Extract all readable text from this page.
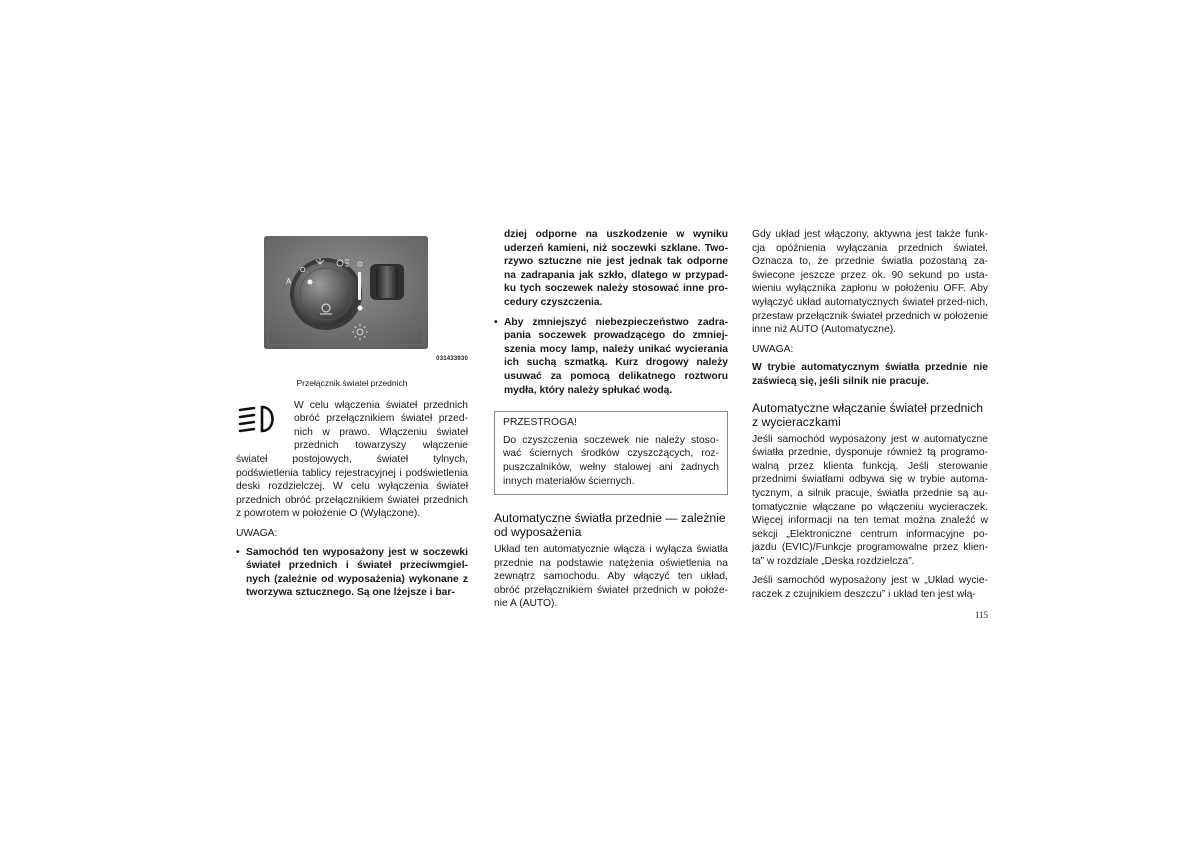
A
O
031433930
Przełącznik świateł przednich
W celu włączenia świateł przednich
obróć przełącznikiem świateł przed-
nich w prawo. Włączeniu świateł
przednich towarzyszy włączenie
świateł postojowych, świateł tylnych,

podświetlenia tablicy rejestracyjnej i podświetlenia deski rozdzielczej. W celu wyłączenia świateł przednich obróć przełącznikiem świateł przednich z powrotem w położenie O (Wyłączone).

UWAGA:
• Samochód ten wyposażony jest w soczewki świateł przednich i świateł przeciwmgiel-nych (zależnie od wyposażenia) wykonane z tworzywa sztucznego. Są one lżejsze i bar-

dziej odporne na uszkodzenie w wyniku uderzeń kamieni, niż soczewki szklane. Two-rzywo sztuczne nie jest jednak tak odporne na zadrapania jak szkło, dlatego w przypad-ku tych soczewek należy stosować inne pro-cedury czyszczenia.

• Aby zmniejszyć niebezpieczeństwo zadra-pania soczewek prowadzącego do zmniej-szenia mocy lamp, należy unikać wycierania ich suchą szmatką. Kurz drogowy należy usuwać za pomocą delikatnego roztworu mydła, który należy spłukać wodą.
PRZESTROGA!

Do czyszczenia soczewek nie należy stoso-wać ściernych środków czyszczących, roz-puszczalników, wełny stalowej ani żadnych innych materiałów ściernych.

Automatyczne światła przednie — zależnie od wyposażenia

Układ ten automatycznie włącza i wyłącza światła przednie na podstawie natężenia oświetlenia na zewnątrz samochodu. Aby włączyć ten układ, obróć przełącznikiem świateł przednich w położe-nie A (AUTO).

Gdy układ jest włączony, aktywna jest także funk-cja opóźnienia wyłączania przednich świateł. Oznacza to, że przednie światła pozostaną za-świecone jeszcze przez ok. 90 sekund po usta-wieniu wyłącznika zapłonu w położeniu OFF. Aby wyłączyć układ automatycznych świateł przed-nich, przestaw przełącznik świateł przednich w położenie inne niż AUTO (Automatyczne).

UWAGA:

W trybie automatycznym światła przednie nie zaświecą się, jeśli silnik nie pracuje.

Automatyczne włączanie świateł przednich z wycieraczkami

Jeśli samochód wyposażony jest w automatyczne światła przednie, dysponuje również tą programo-walną przez klienta funkcją. Jeśli sterowanie przednimi światłami odbywa się w trybie automa-tycznym, a silnik pracuje, światła przednie są au-tomatycznie włączane po włączeniu wycieraczek. Więcej informacji na ten temat można znaleźć w sekcji „Elektroniczne centrum informacyjne po-jazdu (EVIC)/Funkcje programowalne przez klien-ta” w rozdziale „Deska rozdzielcza”.

Jeśli samochód wyposażony jest w „Układ wycie-raczek z czujnikiem deszczu” i układ ten jest włą-

115
